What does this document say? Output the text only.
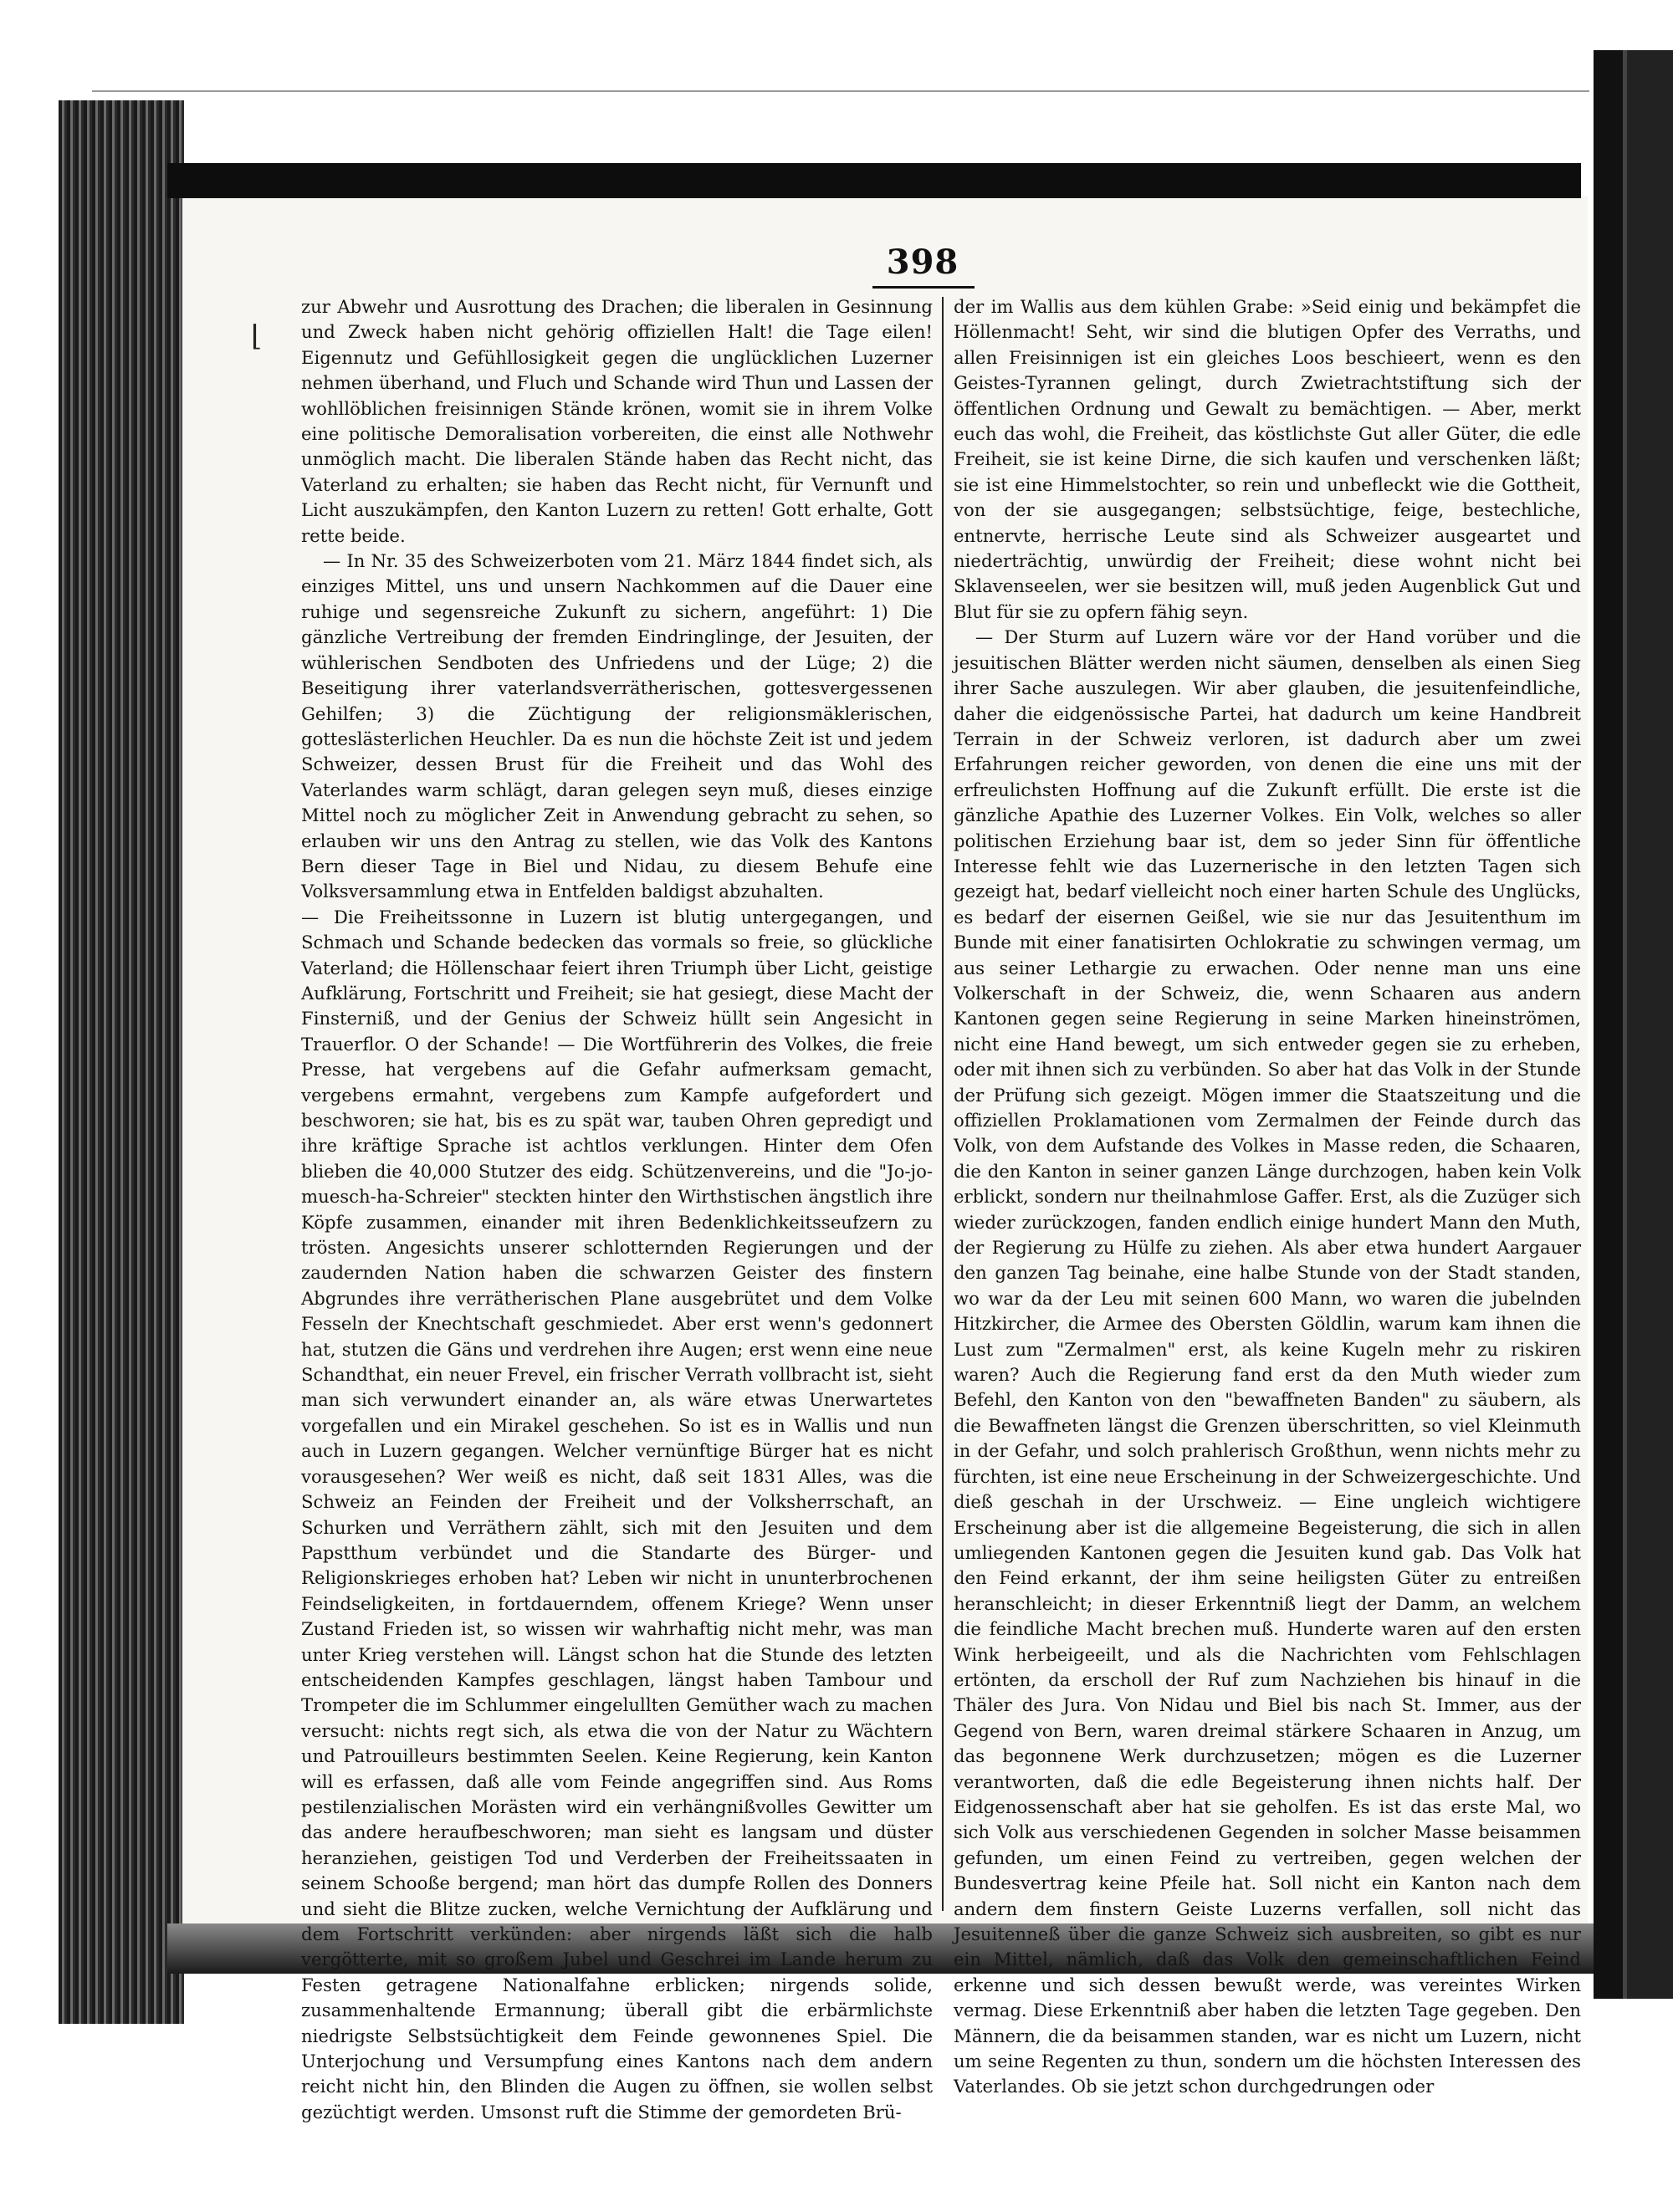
398
⌊
+

zur Abwehr und Ausrottung des Drachen; die liberalen in Gesinnung und Zweck haben nicht gehörig offiziellen Halt! die Tage eilen! Eigennutz und Gefühllosigkeit gegen die unglücklichen Luzerner nehmen überhand, und Fluch und Schande wird Thun und Lassen der wohllöblichen freisinnigen Stände krönen, womit sie in ihrem Volke eine politische Demoralisation vorbereiten, die einst alle Nothwehr unmöglich macht. Die liberalen Stände haben das Recht nicht, das Vaterland zu erhalten; sie haben das Recht nicht, für Vernunft und Licht auszukämpfen, den Kanton Luzern zu retten! Gott erhalte, Gott rette beide.

— In Nr. 35 des Schweizerboten vom 21. März 1844 findet sich, als einziges Mittel, uns und unsern Nachkommen auf die Dauer eine ruhige und segensreiche Zukunft zu sichern, angeführt: 1) Die gänzliche Vertreibung der fremden Eindringlinge, der Jesuiten, der wühlerischen Sendboten des Unfriedens und der Lüge; 2) die Beseitigung ihrer vaterlandsverrätherischen, gottesvergessenen Gehilfen; 3) die Züchtigung der religionsmäklerischen, gotteslästerlichen Heuchler. Da es nun die höchste Zeit ist und jedem Schweizer, dessen Brust für die Freiheit und das Wohl des Vaterlandes warm schlägt, daran gelegen seyn muß, dieses einzige Mittel noch zu möglicher Zeit in Anwendung gebracht zu sehen, so erlauben wir uns den Antrag zu stellen, wie das Volk des Kantons Bern dieser Tage in Biel und Nidau, zu diesem Behufe eine Volksversammlung etwa in Entfelden baldigst abzuhalten.

— Die Freiheitssonne in Luzern ist blutig untergegangen, und Schmach und Schande bedecken das vormals so freie, so glückliche Vaterland; die Höllenschaar feiert ihren Triumph über Licht, geistige Aufklärung, Fortschritt und Freiheit; sie hat gesiegt, diese Macht der Finsterniß, und der Genius der Schweiz hüllt sein Angesicht in Trauerflor. O der Schande! — Die Wortführerin des Volkes, die freie Presse, hat vergebens auf die Gefahr aufmerksam gemacht, vergebens ermahnt, vergebens zum Kampfe aufgefordert und beschworen; sie hat, bis es zu spät war, tauben Ohren gepredigt und ihre kräftige Sprache ist achtlos verklungen. Hinter dem Ofen blieben die 40,000 Stutzer des eidg. Schützenvereins, und die "Jo-jo-muesch-ha-Schreier" steckten hinter den Wirthstischen ängstlich ihre Köpfe zusammen, einander mit ihren Bedenklichkeitsseufzern zu trösten. Angesichts unserer schlotternden Regierungen und der zaudernden Nation haben die schwarzen Geister des finstern Abgrundes ihre verrätherischen Plane ausgebrütet und dem Volke Fesseln der Knechtschaft geschmiedet. Aber erst wenn's gedonnert hat, stutzen die Gäns und verdrehen ihre Augen; erst wenn eine neue Schandthat, ein neuer Frevel, ein frischer Verrath vollbracht ist, sieht man sich verwundert einander an, als wäre etwas Unerwartetes vorgefallen und ein Mirakel geschehen. So ist es in Wallis und nun auch in Luzern gegangen. Welcher vernünftige Bürger hat es nicht vorausgesehen? Wer weiß es nicht, daß seit 1831 Alles, was die Schweiz an Feinden der Freiheit und der Volksherrschaft, an Schurken und Verräthern zählt, sich mit den Jesuiten und dem Papstthum verbündet und die Standarte des Bürger- und Religionskrieges erhoben hat? Leben wir nicht in ununterbrochenen Feindseligkeiten, in fortdauerndem, offenem Kriege? Wenn unser Zustand Frieden ist, so wissen wir wahrhaftig nicht mehr, was man unter Krieg verstehen will. Längst schon hat die Stunde des letzten entscheidenden Kampfes geschlagen, längst haben Tambour und Trompeter die im Schlummer eingelullten Gemüther wach zu machen versucht: nichts regt sich, als etwa die von der Natur zu Wächtern und Patrouilleurs bestimmten Seelen. Keine Regierung, kein Kanton will es erfassen, daß alle vom Feinde angegriffen sind. Aus Roms pestilenzialischen Morästen wird ein verhängnißvolles Gewitter um das andere heraufbeschworen; man sieht es langsam und düster heranziehen, geistigen Tod und Verderben der Freiheitssaaten in seinem Schooße bergend; man hört das dumpfe Rollen des Donners und sieht die Blitze zucken, welche Vernichtung der Aufklärung und dem Fortschritt verkünden: aber nirgends läßt sich die halb vergötterte, mit so großem Jubel und Geschrei im Lande herum zu Festen getragene Nationalfahne erblicken; nirgends solide, zusammenhaltende Ermannung; überall gibt die erbärmlichste niedrigste Selbstsüchtigkeit dem Feinde gewonnenes Spiel. Die Unterjochung und Versumpfung eines Kantons nach dem andern reicht nicht hin, den Blinden die Augen zu öffnen, sie wollen selbst gezüchtigt werden. Umsonst ruft die Stimme der gemordeten Brü-

der im Wallis aus dem kühlen Grabe: »Seid einig und bekämpfet die Höllenmacht! Seht, wir sind die blutigen Opfer des Verraths, und allen Freisinnigen ist ein gleiches Loos beschieert, wenn es den Geistes-Tyrannen gelingt, durch Zwietrachtstiftung sich der öffentlichen Ordnung und Gewalt zu bemächtigen. — Aber, merkt euch das wohl, die Freiheit, das köstlichste Gut aller Güter, die edle Freiheit, sie ist keine Dirne, die sich kaufen und verschenken läßt; sie ist eine Himmelstochter, so rein und unbefleckt wie die Gottheit, von der sie ausgegangen; selbstsüchtige, feige, bestechliche, entnervte, herrische Leute sind als Schweizer ausgeartet und niederträchtig, unwürdig der Freiheit; diese wohnt nicht bei Sklavenseelen, wer sie besitzen will, muß jeden Augenblick Gut und Blut für sie zu opfern fähig seyn.

— Der Sturm auf Luzern wäre vor der Hand vorüber und die jesuitischen Blätter werden nicht säumen, denselben als einen Sieg ihrer Sache auszulegen. Wir aber glauben, die jesuitenfeindliche, daher die eidgenössische Partei, hat dadurch um keine Handbreit Terrain in der Schweiz verloren, ist dadurch aber um zwei Erfahrungen reicher geworden, von denen die eine uns mit der erfreulichsten Hoffnung auf die Zukunft erfüllt. Die erste ist die gänzliche Apathie des Luzerner Volkes. Ein Volk, welches so aller politischen Erziehung baar ist, dem so jeder Sinn für öffentliche Interesse fehlt wie das Luzernerische in den letzten Tagen sich gezeigt hat, bedarf vielleicht noch einer harten Schule des Unglücks, es bedarf der eisernen Geißel, wie sie nur das Jesuitenthum im Bunde mit einer fanatisirten Ochlokratie zu schwingen vermag, um aus seiner Lethargie zu erwachen. Oder nenne man uns eine Volkerschaft in der Schweiz, die, wenn Schaaren aus andern Kantonen gegen seine Regierung in seine Marken hineinströmen, nicht eine Hand bewegt, um sich entweder gegen sie zu erheben, oder mit ihnen sich zu verbünden. So aber hat das Volk in der Stunde der Prüfung sich gezeigt. Mögen immer die Staatszeitung und die offiziellen Proklamationen vom Zermalmen der Feinde durch das Volk, von dem Aufstande des Volkes in Masse reden, die Schaaren, die den Kanton in seiner ganzen Länge durchzogen, haben kein Volk erblickt, sondern nur theilnahmlose Gaffer. Erst, als die Zuzüger sich wieder zurückzogen, fanden endlich einige hundert Mann den Muth, der Regierung zu Hülfe zu ziehen. Als aber etwa hundert Aargauer den ganzen Tag beinahe, eine halbe Stunde von der Stadt standen, wo war da der Leu mit seinen 600 Mann, wo waren die jubelnden Hitzkircher, die Armee des Obersten Göldlin, warum kam ihnen die Lust zum "Zermalmen" erst, als keine Kugeln mehr zu riskiren waren? Auch die Regierung fand erst da den Muth wieder zum Befehl, den Kanton von den "bewaffneten Banden" zu säubern, als die Bewaffneten längst die Grenzen überschritten, so viel Kleinmuth in der Gefahr, und solch prahlerisch Großthun, wenn nichts mehr zu fürchten, ist eine neue Erscheinung in der Schweizergeschichte. Und dieß geschah in der Urschweiz. — Eine ungleich wichtigere Erscheinung aber ist die allgemeine Begeisterung, die sich in allen umliegenden Kantonen gegen die Jesuiten kund gab. Das Volk hat den Feind erkannt, der ihm seine heiligsten Güter zu entreißen heranschleicht; in dieser Erkenntniß liegt der Damm, an welchem die feindliche Macht brechen muß. Hunderte waren auf den ersten Wink herbeigeeilt, und als die Nachrichten vom Fehlschlagen ertönten, da erscholl der Ruf zum Nachziehen bis hinauf in die Thäler des Jura. Von Nidau und Biel bis nach St. Immer, aus der Gegend von Bern, waren dreimal stärkere Schaaren in Anzug, um das begonnene Werk durchzusetzen; mögen es die Luzerner verantworten, daß die edle Begeisterung ihnen nichts half. Der Eidgenossenschaft aber hat sie geholfen. Es ist das erste Mal, wo sich Volk aus verschiedenen Gegenden in solcher Masse beisammen gefunden, um einen Feind zu vertreiben, gegen welchen der Bundesvertrag keine Pfeile hat. Soll nicht ein Kanton nach dem andern dem finstern Geiste Luzerns verfallen, soll nicht das Jesuitenneß über die ganze Schweiz sich ausbreiten, so gibt es nur ein Mittel, nämlich, daß das Volk den gemeinschaftlichen Feind erkenne und sich dessen bewußt werde, was vereintes Wirken vermag. Diese Erkenntniß aber haben die letzten Tage gegeben. Den Männern, die da beisammen standen, war es nicht um Luzern, nicht um seine Regenten zu thun, sondern um die höchsten Interessen des Vaterlandes. Ob sie jetzt schon durchgedrungen oder
